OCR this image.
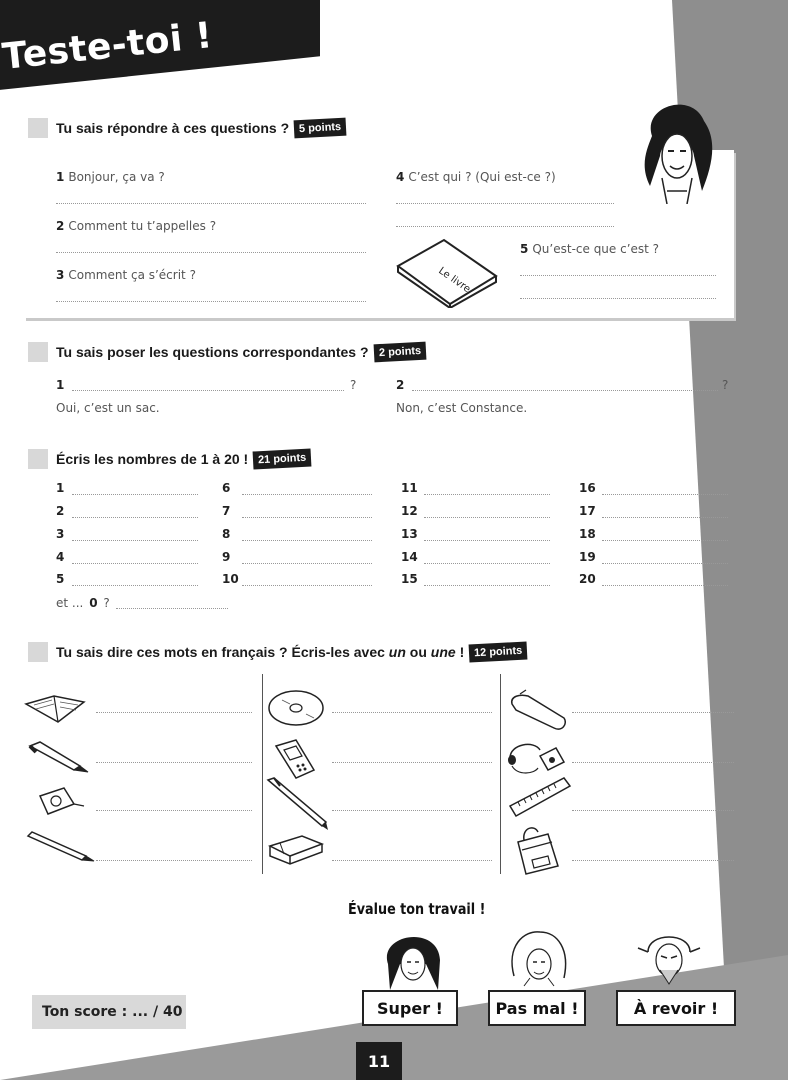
Teste-toi !
Tu sais répondre à ces questions ? 5 points
1 Bonjour, ça va ?
2 Comment tu t’appelles ?
3 Comment ça s’écrit ?
4 C’est qui ? (Qui est-ce ?)
Le livre
5 Qu’est-ce que c’est ?
Tu sais poser les questions correspondantes ? 2 points
1	?
Oui, c’est un sac.
2	?
Non, c’est Constance.
Écris les nombres de 1 à 20 ! 21 points
1
2
3
4
5
6
7
8
9
10
11
12
13
14
15
16
17
18
19
20
et ... 0 ?
Tu sais dire ces mots en français ? Écris-les avec un ou une ! 12 points
Évalue ton travail !
Super !	Pas mal !	À revoir !
Ton score : ... / 40
11
